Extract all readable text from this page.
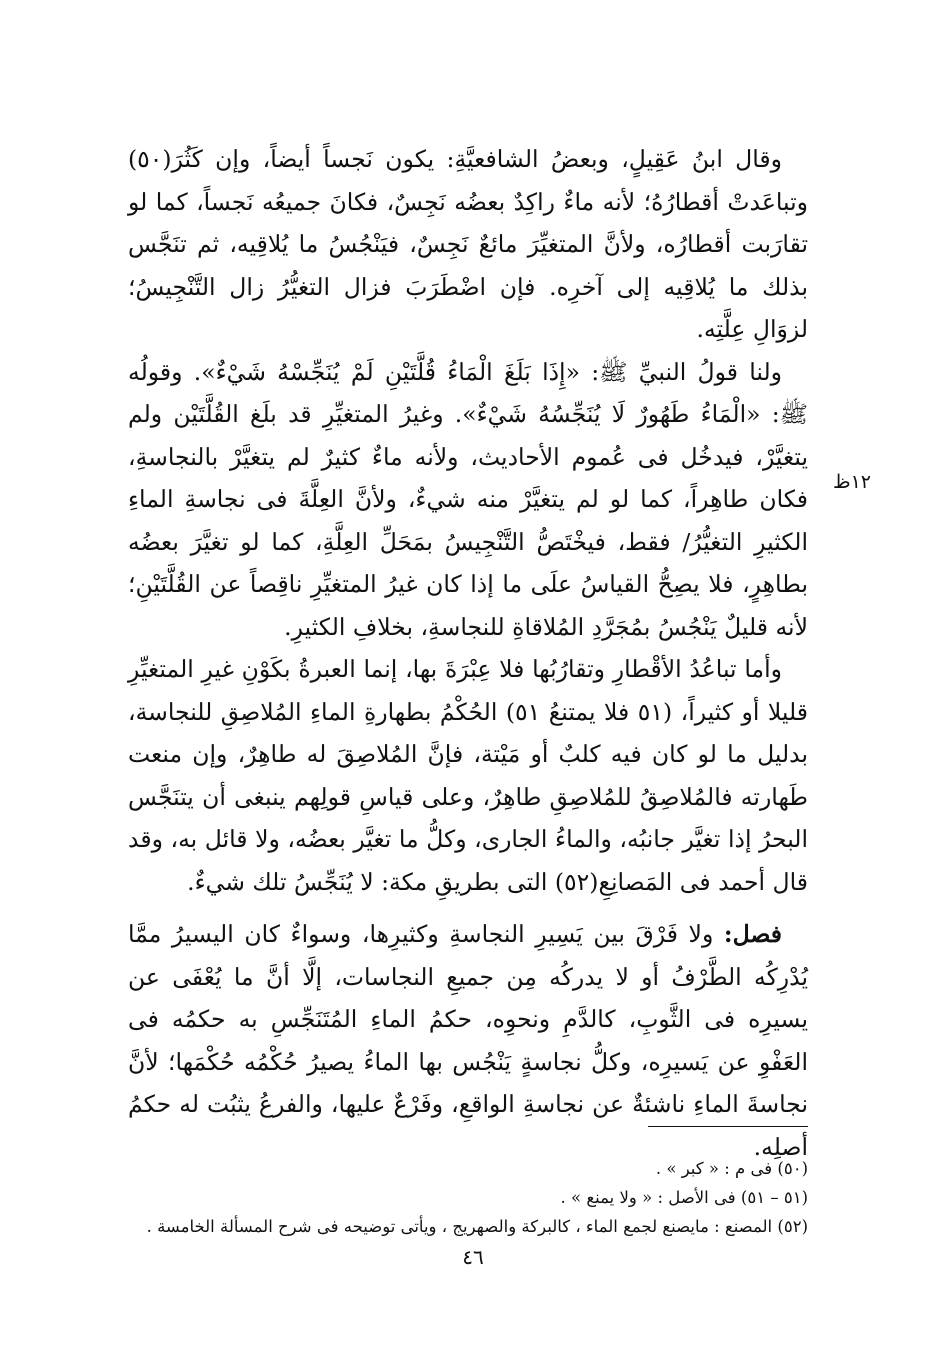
وقال ابنُ عَقِيلٍ، وبعضُ الشافعيَّةِ: يكون نَجساً أيضاً، وإن كَثُرَ(٥٠) وتباعَدتْ أقطارُهُ؛ لأنه ماءٌ راكِدٌ بعضُه نَجِسٌ، فكانَ جميعُه نَجساً، كما لو تقارَبت أقطارُه، ولأنَّ المتغيِّرَ مائعٌ نَجِسٌ، فيَنْجُسُ ما يُلاقِيه، ثم تنَجَّس بذلك ما يُلاقِيه إلى آخرِه. فإن اضْطَرَبَ فزال التغيُّرُ زال التَّنْجِيسُ؛ لزوَالِ عِلَّتِه.

ولنا قولُ النبيِّ ﷺ: «إِذَا بَلَغَ الْمَاءُ قُلَّتَيْنِ لَمْ يُنَجِّسْهُ شَيْءٌ». وقولُه ﷺ: «الْمَاءُ طَهُورٌ لَا يُنَجِّسُهُ شَيْءٌ». وغيرُ المتغيِّرِ قد بلَغ القُلَّتَيْن ولم يتغيَّرْ، فيدخُل فى عُموم الأحاديث، ولأنه ماءٌ كثيرٌ لم يتغيَّرْ بالنجاسةِ، فكان طاهِراً، كما لو لم يتغيَّرْ منه شيءٌ، ولأنَّ العِلَّةَ فى نجاسةِ الماءِ الكثيرِ التغيُّرُ/ فقط، فيخْتَصُّ التَّنْجِيسُ بمَحَلِّ العِلَّةِ، كما لو تغيَّرَ بعضُه بطاهِرٍ، فلا يصِحُّ القياسُ علَى ما إذا كان غيرُ المتغيِّرِ ناقِصاً عن القُلَّتَيْنِ؛ لأنه قليلٌ يَنْجُسُ بمُجَرَّدِ المُلاقاةِ للنجاسةِ، بخلافِ الكثيرِ.

وأما تباعُدُ الأقْطارِ وتقارُبُها فلا عِبْرَةَ بها، إنما العبرةُ بكَوْنِ غيرِ المتغيِّرِ قليلا أو كثيراً، (٥١ فلا يمتنعُ ٥١) الحُكْمُ بطهارةِ الماءِ المُلاصِقِ للنجاسة، بدليل ما لو كان فيه كلبٌ أو مَيْتة، فإنَّ المُلاصِقَ له طاهِرٌ، وإن منعت طَهارته فالمُلاصِقُ للمُلاصِقِ طاهِرٌ، وعلى قياسِ قولِهم ينبغى أن يتنَجَّس البحرُ إذا تغيَّر جانبُه، والماءُ الجارى، وكلُّ ما تغيَّر بعضُه، ولا قائل به، وقد قال أحمد فى المَصانِعِ(٥٢) التى بطريقِ مكة: لا يُنَجِّسُ تلك شيءٌ.

فصل: ولا فَرْقَ بين يَسِيرِ النجاسةِ وكثيرِها، وسواءٌ كان اليسيرُ ممَّا يُدْرِكُه الطَّرْفُ أو لا يدركُه مِن جميعِ النجاسات، إلَّا أنَّ ما يُعْفَى عن يسيرِه فى الثَّوبِ، كالدَّمِ ونحوِه، حكمُ الماءِ المُتَنَجِّسِ به حكمُه فى العَفْوِ عن يَسيرِه، وكلُّ نجاسةٍ يَنْجُس بها الماءُ يصيرُ حُكْمُه حُكْمَها؛ لأنَّ نجاسةَ الماءِ ناشئةٌ عن نجاسةِ الواقعِ، وفَرْعٌ عليها، والفرعُ يثبُت له حكمُ أصلِه.

١٢ظ
(٥٠) فى م : « كبر » .
(٥١ – ٥١) فى الأصل : « ولا يمنع » .
(٥٢) المصنع : مايصنع لجمع الماء ، كالبركة والصهريج ، ويأتى توضيحه فى شرح المسألة الخامسة .
٤٦
